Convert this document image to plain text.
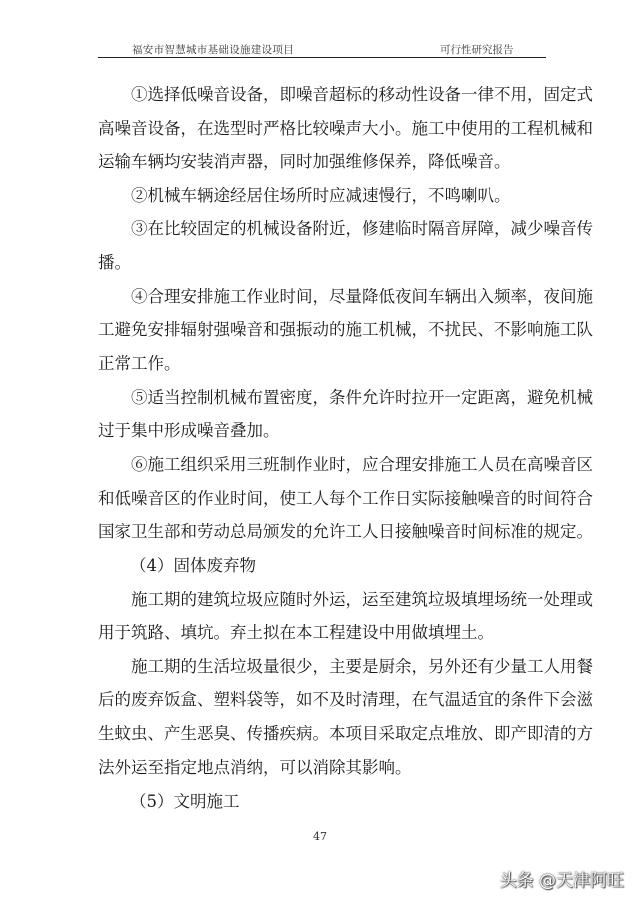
福安市智慧城市基础设施建设项目	可行性研究报告

①选择低噪音设备，即噪音超标的移动性设备一律不用，固定式

高噪音设备，在选型时严格比较噪声大小。施工中使用的工程机械和

运输车辆均安装消声器，同时加强维修保养，降低噪音。

②机械车辆途经居住场所时应减速慢行，不鸣喇叭。

③在比较固定的机械设备附近，修建临时隔音屏障，减少噪音传

播。

④合理安排施工作业时间，尽量降低夜间车辆出入频率，夜间施

工避免安排辐射强噪音和强振动的施工机械，不扰民、不影响施工队

正常工作。

⑤适当控制机械布置密度，条件允许时拉开一定距离，避免机械

过于集中形成噪音叠加。

⑥施工组织采用三班制作业时，应合理安排施工人员在高噪音区

和低噪音区的作业时间，使工人每个工作日实际接触噪音的时间符合

国家卫生部和劳动总局颁发的允许工人日接触噪音时间标准的规定。

（4）固体废弃物

施工期的建筑垃圾应随时外运，运至建筑垃圾填埋场统一处理或

用于筑路、填坑。弃土拟在本工程建设中用做填埋土。

施工期的生活垃圾量很少，主要是厨余，另外还有少量工人用餐

后的废弃饭盒、塑料袋等，如不及时清理，在气温适宜的条件下会滋

生蚊虫、产生恶臭、传播疾病。本项目采取定点堆放、即产即清的方

法外运至指定地点消纳，可以消除其影响。

（5）文明施工

47
头条 @天津阿旺
